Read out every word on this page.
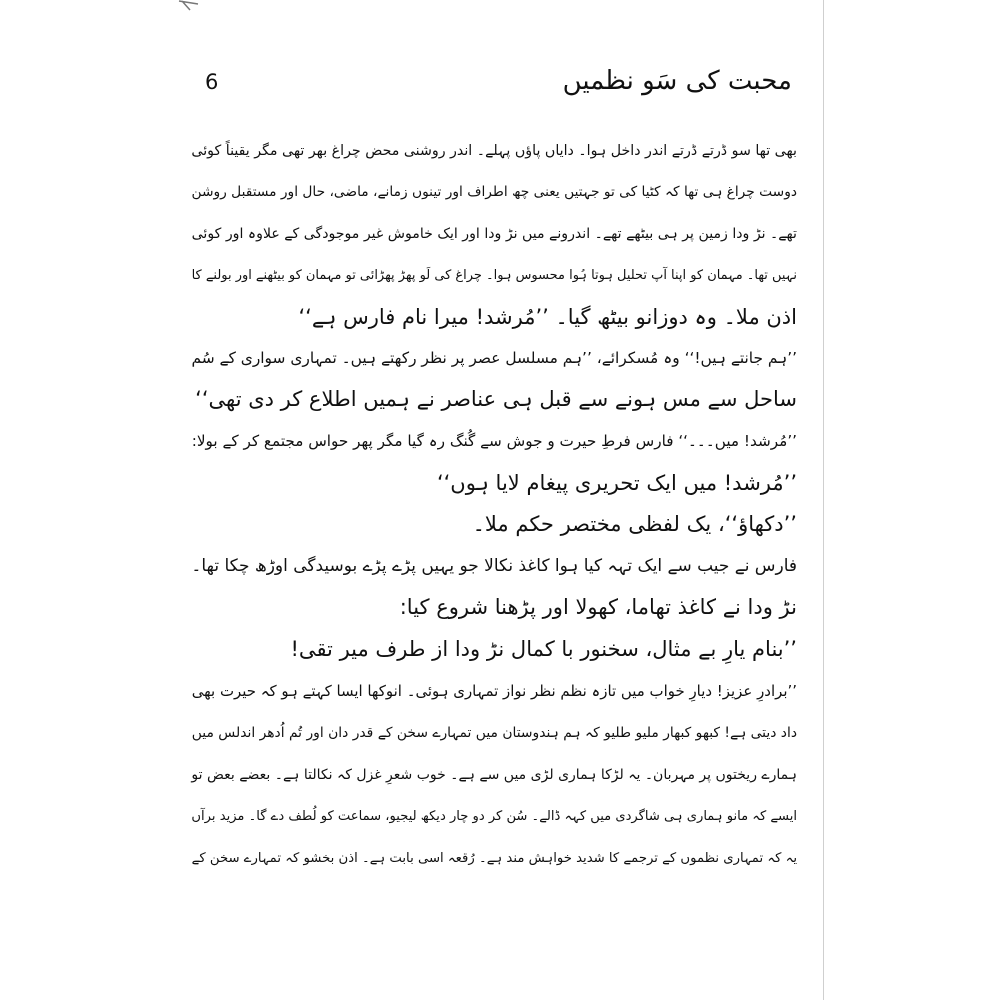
6	محبت کی سَو نظمیں
بھی تھا سو ڈرتے ڈرتے اندر داخل ہوا۔ دایاں پاؤں پہلے۔ اندر روشنی محض چراغ بھر تھی مگر یقیناً کوئی
دوست چراغ ہی تھا کہ کٹیا کی تو جہتیں یعنی چھ اطراف اور تینوں زمانے، ماضی، حال اور مستقبل روشن
تھے۔ نڑ ودا زمین پر ہی بیٹھے تھے۔ اندرونے میں نڑ ودا اور ایک خاموش غیر موجودگی کے علاوہ اور کوئی
نہیں تھا۔ مہمان کو اپنا آپ تحلیل ہوتا ہُوا محسوس ہوا۔ چراغ کی لَو پھڑ پھڑائی تو مہمان کو بیٹھنے اور بولنے کا
اذن ملا۔ وہ دوزانو بیٹھ گیا۔ ’’مُرشد! میرا نام فارس ہے‘‘
’’ہم جانتے ہیں!‘‘ وہ مُسکرائے، ’’ہم مسلسل عصر پر نظر رکھتے ہیں۔ تمہاری سواری کے سُم
ساحل سے مس ہونے سے قبل ہی عناصر نے ہمیں اطلاع کر دی تھی‘‘
’’مُرشد! میں۔۔۔‘‘ فارس فرطِ حیرت و جوش سے گُنگ رہ گیا مگر پھر حواس مجتمع کر کے بولا:
’’مُرشد! میں ایک تحریری پیغام لایا ہوں‘‘
’’دکھاؤ‘‘، یک لفظی مختصر حکم ملا۔
فارس نے جیب سے ایک تہہ کیا ہوا کاغذ نکالا جو یہیں پڑے پڑے بوسیدگی اوڑھ چکا تھا۔
نڑ ودا نے کاغذ تھاما، کھولا اور پڑھنا شروع کیا:
’’بنام یارِ بے مثال، سخنور با کمال نڑ ودا از طرف میر تقی!
’’برادرِ عزیز! دیارِ خواب میں تازہ نظم نظر نواز تمہاری ہوئی۔ انوکھا ایسا کہتے ہو کہ حیرت بھی
داد دیتی ہے! کبھو کبھار ملیو طلیو کہ ہم ہندوستان میں تمہارے سخن کے قدر دان اور تُم اُدھر اندلس میں
ہمارے ریختوں پر مہربان۔ یہ لڑکا ہماری لڑی میں سے ہے۔ خوب شعرِ غزل کہ نکالتا ہے۔ بعضے بعض تو
ایسے کہ مانو ہماری ہی شاگردی میں کہہ ڈالے۔ سُن کر دو چار دیکھ لیجیو، سماعت کو لُطف دے گا۔ مزید برآں
یہ کہ تمہاری نظموں کے ترجمے کا شدید خواہش مند ہے۔ رُقعہ اسی بابت ہے۔ اذن بخشو کہ تمہارے سخن کے
